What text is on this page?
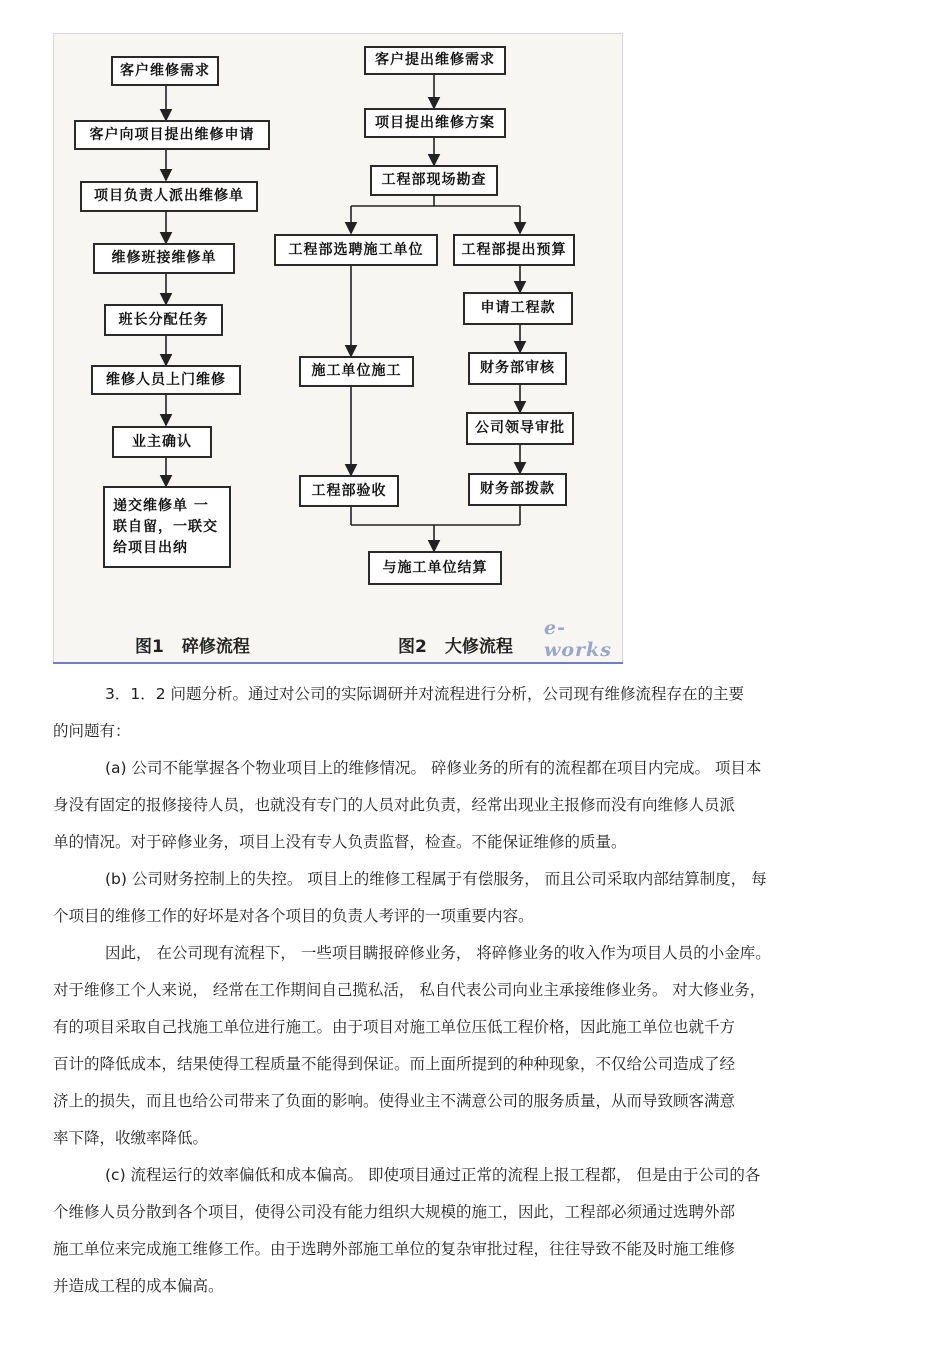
客户维修需求
客户向项目提出维修申请
项目负责人派出维修单
维修班接维修单
班长分配任务
维修人员上门维修
业主确认
递交维修单 一
联自留，一联交
给项目出纳
客户提出维修需求
项目提出维修方案
工程部现场勘查
工程部选聘施工单位
施工单位施工
工程部验收
工程部提出预算
申请工程款
财务部审核
公司领导审批
财务部拨款
与施工单位结算
图1 碎修流程	图2 大修流程
e-works
3．1．2 问题分析。通过对公司的实际调研并对流程进行分析，公司现有维修流程存在的主要
的问题有：
(a) 公司不能掌握各个物业项目上的维修情况。 碎修业务的所有的流程都在项目内完成。 项目本
身没有固定的报修接待人员，也就没有专门的人员对此负责，经常出现业主报修而没有向维修人员派
单的情况。对于碎修业务，项目上没有专人负责监督，检查。不能保证维修的质量。
(b) 公司财务控制上的失控。 项目上的维修工程属于有偿服务， 而且公司采取内部结算制度， 每
个项目的维修工作的好坏是对各个项目的负责人考评的一项重要内容。
因此， 在公司现有流程下， 一些项目瞒报碎修业务， 将碎修业务的收入作为项目人员的小金库。
对于维修工个人来说， 经常在工作期间自己揽私活， 私自代表公司向业主承接维修业务。 对大修业务，
有的项目采取自己找施工单位进行施工。由于项目对施工单位压低工程价格，因此施工单位也就千方
百计的降低成本，结果使得工程质量不能得到保证。而上面所提到的种种现象，不仅给公司造成了经
济上的损失，而且也给公司带来了负面的影响。使得业主不满意公司的服务质量，从而导致顾客满意
率下降，收缴率降低。
(c) 流程运行的效率偏低和成本偏高。 即使项目通过正常的流程上报工程都， 但是由于公司的各
个维修人员分散到各个项目，使得公司没有能力组织大规模的施工，因此，工程部必须通过选聘外部
施工单位来完成施工维修工作。由于选聘外部施工单位的复杂审批过程，往往导致不能及时施工维修
并造成工程的成本偏高。
